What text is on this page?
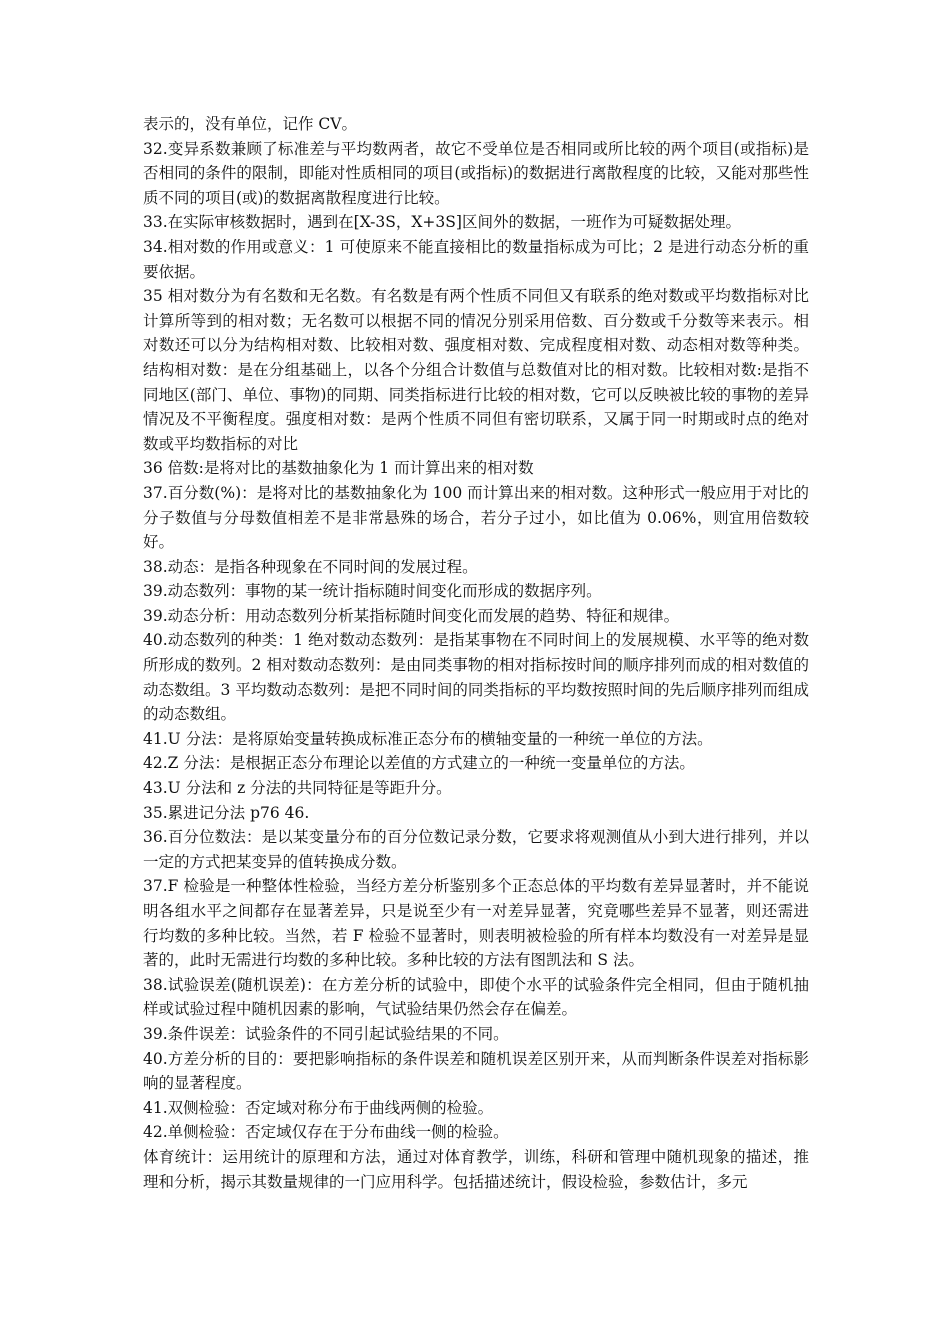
表示的，没有单位，记作 CV。

32.变异系数兼顾了标准差与平均数两者，故它不受单位是否相同或所比较的两个项目(或指标)是否相同的条件的限制，即能对性质相同的项目(或指标)的数据进行离散程度的比较，又能对那些性质不同的项目(或)的数据离散程度进行比较。

33.在实际审核数据时，遇到在[X-3S，X+3S]区间外的数据，一班作为可疑数据处理。

34.相对数的作用或意义：1 可使原来不能直接相比的数量指标成为可比；2 是进行动态分析的重要依据。

35 相对数分为有名数和无名数。有名数是有两个性质不同但又有联系的绝对数或平均数指标对比计算所等到的相对数；无名数可以根据不同的情况分别采用倍数、百分数或千分数等来表示。相对数还可以分为结构相对数、比较相对数、强度相对数、完成程度相对数、动态相对数等种类。结构相对数：是在分组基础上，以各个分组合计数值与总数值对比的相对数。比较相对数:是指不同地区(部门、单位、事物)的同期、同类指标进行比较的相对数，它可以反映被比较的事物的差异情况及不平衡程度。强度相对数：是两个性质不同但有密切联系，又属于同一时期或时点的绝对数或平均数指标的对比

36 倍数:是将对比的基数抽象化为 1 而计算出来的相对数

37.百分数(%)：是将对比的基数抽象化为 100 而计算出来的相对数。这种形式一般应用于对比的分子数值与分母数值相差不是非常悬殊的场合，若分子过小，如比值为 0.06%，则宜用倍数较好。

38.动态：是指各种现象在不同时间的发展过程。

39.动态数列：事物的某一统计指标随时间变化而形成的数据序列。

39.动态分析：用动态数列分析某指标随时间变化而发展的趋势、特征和规律。

40.动态数列的种类：1 绝对数动态数列：是指某事物在不同时间上的发展规模、水平等的绝对数所形成的数列。2 相对数动态数列：是由同类事物的相对指标按时间的顺序排列而成的相对数值的动态数组。3 平均数动态数列：是把不同时间的同类指标的平均数按照时间的先后顺序排列而组成的动态数组。

41.U 分法：是将原始变量转换成标准正态分布的横轴变量的一种统一单位的方法。

42.Z 分法：是根据正态分布理论以差值的方式建立的一种统一变量单位的方法。

43.U 分法和 z 分法的共同特征是等距升分。

35.累进记分法 p76 46.

36.百分位数法：是以某变量分布的百分位数记录分数，它要求将观测值从小到大进行排列，并以一定的方式把某变异的值转换成分数。

37.F 检验是一种整体性检验，当经方差分析鉴别多个正态总体的平均数有差异显著时，并不能说明各组水平之间都存在显著差异，只是说至少有一对差异显著，究竟哪些差异不显著，则还需进行均数的多种比较。当然，若 F 检验不显著时，则表明被检验的所有样本均数没有一对差异是显著的，此时无需进行均数的多种比较。多种比较的方法有图凯法和 S 法。

38.试验误差(随机误差)：在方差分析的试验中，即使个水平的试验条件完全相同，但由于随机抽样或试验过程中随机因素的影响，气试验结果仍然会存在偏差。

39.条件误差：试验条件的不同引起试验结果的不同。

40.方差分析的目的：要把影响指标的条件误差和随机误差区别开来，从而判断条件误差对指标影响的显著程度。

41.双侧检验：否定域对称分布于曲线两侧的检验。

42.单侧检验：否定域仅存在于分布曲线一侧的检验。

体育统计：运用统计的原理和方法，通过对体育教学，训练，科研和管理中随机现象的描述，推理和分析，揭示其数量规律的一门应用科学。包括描述统计，假设检验，参数估计，多元
